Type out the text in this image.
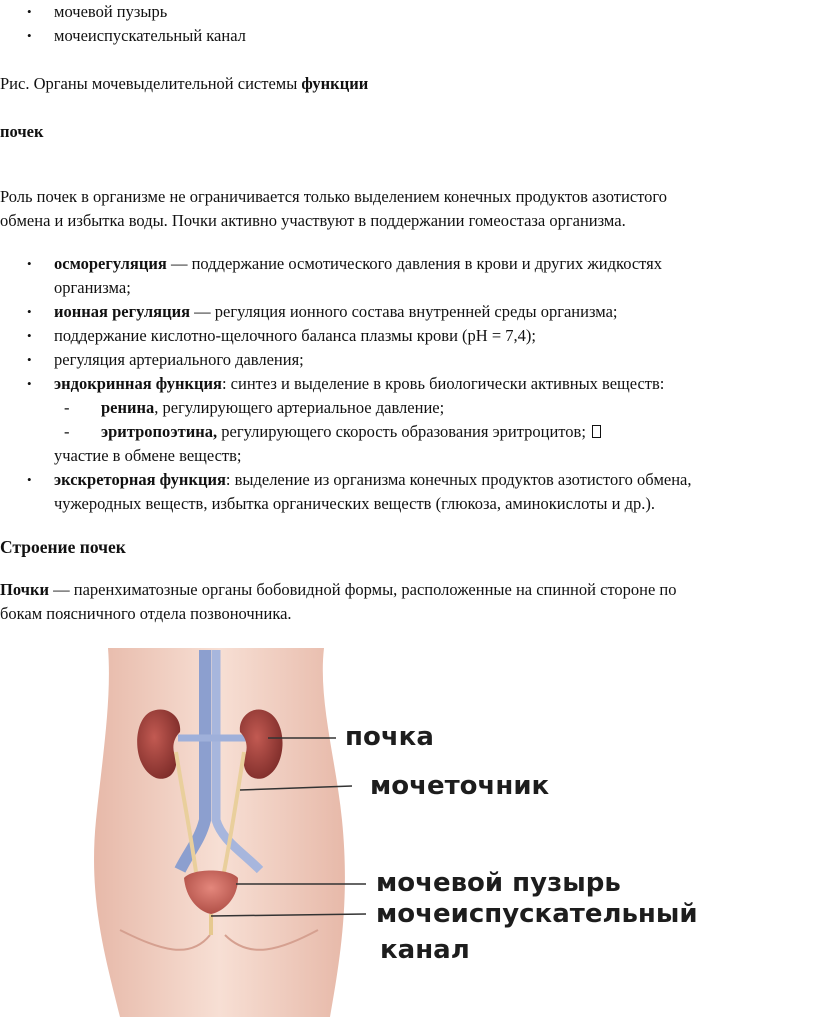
• мочевой пузырь
• мочеиспускательный канал
Рис. Органы мочевыделительной системы функции
почек
Роль почек в организме не ограничивается только выделением конечных продуктов азотистого
обмена и избытка воды. Почки активно участвуют в поддержании гомеостаза организма.
• осморегуляция — поддержание осмотического давления в крови и других жидкостях
организма;
• ионная регуляция — регуляция ионного состава внутренней среды организма;
• поддержание кислотно-щелочного баланса плазмы крови (pH = 7,4);
• регуляция артериального давления;
• эндокринная функция: синтез и выделение в кровь биологически активных веществ:
- ренина, регулирующего артериальное давление;
- эритропоэтина, регулирующего скорость образования эритроцитов;
участие в обмене веществ;
• экскреторная функция: выделение из организма конечных продуктов азотистого обмена,
чужеродных веществ, избытка органических веществ (глюкоза, аминокислоты и др.).
Строение почек
Почки — паренхиматозные органы бобовидной формы, расположенные на спинной стороне по
бокам поясничного отдела позвоночника.
почка
мочеточник
мочевой пузырь
мочеиспускательный
канал
